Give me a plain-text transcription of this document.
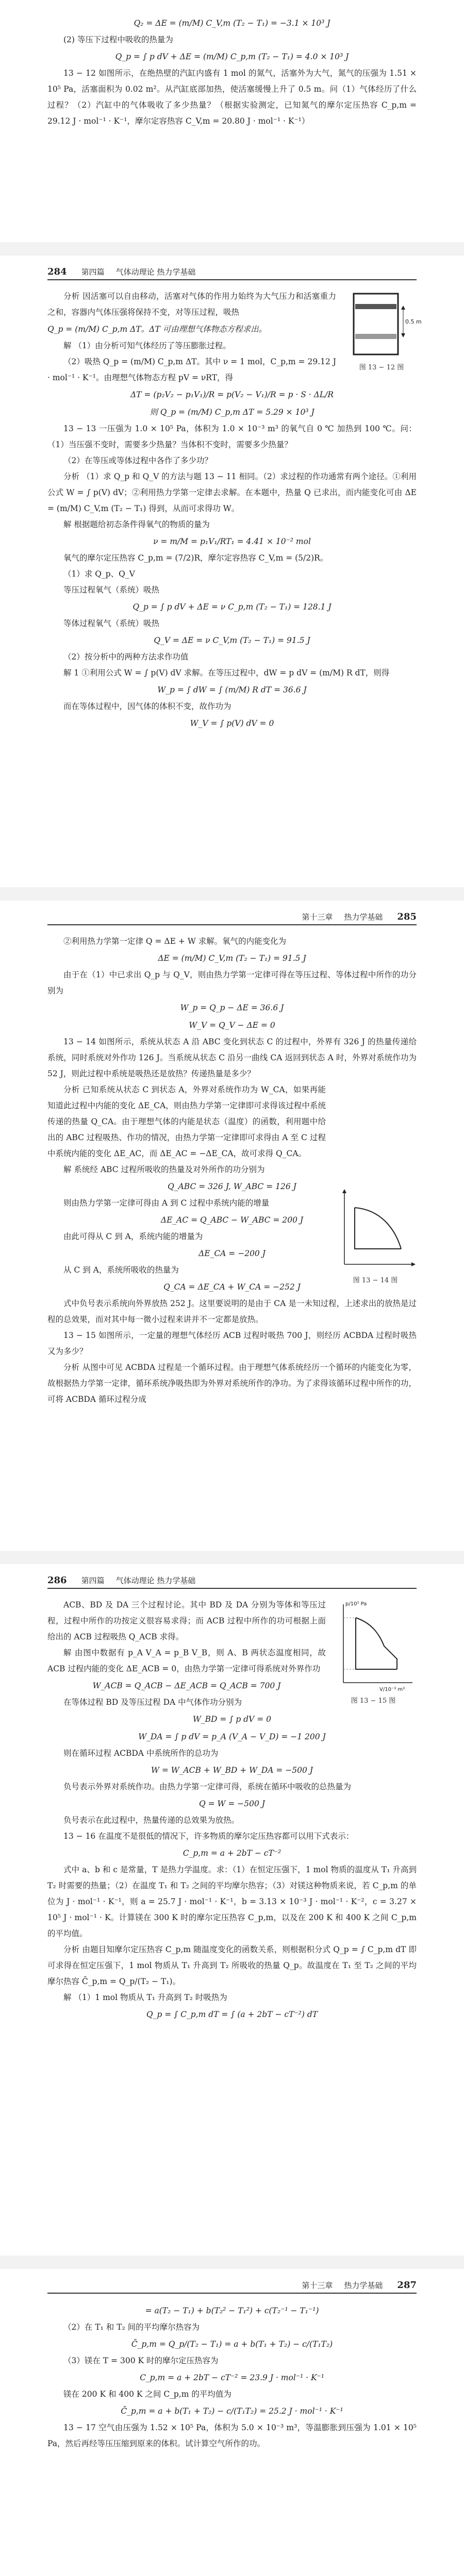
Q₂ = ΔE = (m/M) C_V,m (T₂ − T₁) = −3.1 × 10³ J

(2) 等压下过程中吸收的热量为

Q_p = ∫ p dV + ΔE = (m/M) C_p,m (T₂ − T₁) = 4.0 × 10³ J

13 − 12 如图所示，在绝热壁的汽缸内盛有 1 mol 的氮气，活塞外为大气，氮气的压强为 1.51 × 10⁵ Pa，活塞面积为 0.02 m²。从汽缸底部加热，使活塞缓慢上升了 0.5 m。问（1）气体经历了什么过程？（2）汽缸中的气体吸收了多少热量？（根据实验测定，已知氮气的摩尔定压热容 C_p,m = 29.12 J · mol⁻¹ · K⁻¹，摩尔定容热容 C_V,m = 20.80 J · mol⁻¹ · K⁻¹）

284 第四篇 气体动理论 热力学基础

分析 因活塞可以自由移动，活塞对气体的作用力始终为大气压力和活塞重力之和，容器内气体压强将保持不变，对等压过程，吸热

Q_p = (m/M) C_p,m ΔT。ΔT 可由理想气体物态方程求出。

解 （1）由分析可知气体经历了等压膨胀过程。

（2）吸热 Q_p = (m/M) C_p,m ΔT。其中 ν = 1 mol，C_p,m = 29.12 J · mol⁻¹ · K⁻¹。由理想气体物态方程 pV = νRT，得

ΔT = (p₂V₂ − p₁V₁)/R = p(V₂ − V₁)/R = p · S · ΔL/R

则 Q_p = (m/M) C_p,m ΔT = 5.29 × 10³ J

13 − 13 一压强为 1.0 × 10⁵ Pa，体积为 1.0 × 10⁻³ m³ 的氧气自 0 ℃ 加热到 100 ℃。问：（1）当压强不变时，需要多少热量？当体积不变时，需要多少热量？

（2）在等压或等体过程中各作了多少功？

分析 （1）求 Q_p 和 Q_V 的方法与题 13 − 11 相同。（2）求过程的作功通常有两个途径。①利用公式 W = ∫ p(V) dV；②利用热力学第一定律去求解。在本题中，热量 Q 已求出，而内能变化可由 ΔE = (m/M) C_V,m (T₂ − T₁) 得到，从而可求得功 W。

解 根据题给初态条件得氧气的物质的量为

ν = m/M = p₁V₁/RT₁ = 4.41 × 10⁻² mol

氧气的摩尔定压热容 C_p,m = (7/2)R，摩尔定容热容 C_V,m = (5/2)R。

（1）求 Q_p、Q_V

等压过程氧气（系统）吸热

Q_p = ∫ p dV + ΔE = ν C_p,m (T₂ − T₁) = 128.1 J

等体过程氧气（系统）吸热

Q_V = ΔE = ν C_V,m (T₂ − T₁) = 91.5 J

（2）按分析中的两种方法求作功值

解 1 ①利用公式 W = ∫ p(V) dV 求解。在等压过程中，dW = p dV = (m/M) R dT，则得

W_p = ∫ dW = ∫ (m/M) R dT = 36.6 J

而在等体过程中，因气体的体积不变，故作功为

W_V = ∫ p(V) dV = 0

0.5 m
图 13 − 12 图
第十三章 热力学基础 285

②利用热力学第一定律 Q = ΔE + W 求解。氧气的内能变化为

ΔE = (m/M) C_V,m (T₂ − T₁) = 91.5 J

由于在（1）中已求出 Q_p 与 Q_V，则由热力学第一定律可得在等压过程、等体过程中所作的功分别为

W_p = Q_p − ΔE = 36.6 J

W_V = Q_V − ΔE = 0

13 − 14 如图所示，系统从状态 A 沿 ABC 变化到状态 C 的过程中，外界有 326 J 的热量传递给系统，同时系统对外作功 126 J。当系统从状态 C 沿另一曲线 CA 返回到状态 A 时，外界对系统作功为 52 J，则此过程中系统是吸热还是放热？传递热量是多少？

分析 已知系统从状态 C 到状态 A，外界对系统作功为 W_CA，如果再能知道此过程中内能的变化 ΔE_CA，则由热力学第一定律即可求得该过程中系统传递的热量 Q_CA。由于理想气体的内能是状态（温度）的函数，利用题中给出的 ABC 过程吸热、作功的情况，由热力学第一定律即可求得由 A 至 C 过程中系统内能的变化 ΔE_AC，而 ΔE_AC = −ΔE_CA，故可求得 Q_CA。

解 系统经 ABC 过程所吸收的热量及对外所作的功分别为

Q_ABC = 326 J, W_ABC = 126 J

则由热力学第一定律可得由 A 到 C 过程中系统内能的增量

ΔE_AC = Q_ABC − W_ABC = 200 J

由此可得从 C 到 A，系统内能的增量为

ΔE_CA = −200 J

从 C 到 A，系统所吸收的热量为

Q_CA = ΔE_CA + W_CA = −252 J

式中负号表示系统向外界放热 252 J。这里要说明的是由于 CA 是一未知过程，上述求出的放热是过程的总效果，而对其中每一微小过程来讲并不一定都是放热。

13 − 15 如图所示，一定量的理想气体经历 ACB 过程时吸热 700 J，则经历 ACBDA 过程时吸热又为多少？

分析 从图中可见 ACBDA 过程是一个循环过程。由于理想气体系统经历一个循环的内能变化为零，故根据热力学第一定律，循环系统净吸热即为外界对系统所作的净功。为了求得该循环过程中所作的功，可将 ACBDA 循环过程分成

图 13 − 14 图
286 第四篇 气体动理论 热力学基础

ACB、BD 及 DA 三个过程讨论。其中 BD 及 DA 分别为等体和等压过程，过程中所作的功按定义很容易求得；而 ACB 过程中所作的功可根据上面给出的 ACB 过程吸热 Q_ACB 求得。

解 由图中数据有 p_A V_A = p_B V_B，则 A、B 两状态温度相同，故 ACB 过程内能的变化 ΔE_ACB = 0，由热力学第一定律可得系统对外界作功

W_ACB = Q_ACB − ΔE_ACB = Q_ACB = 700 J

在等体过程 BD 及等压过程 DA 中气体作功分别为

W_BD = ∫ p dV = 0

W_DA = ∫ p dV = p_A (V_A − V_D) = −1 200 J

则在循环过程 ACBDA 中系统所作的总功为

W = W_ACB + W_BD + W_DA = −500 J

负号表示外界对系统作功。由热力学第一定律可得，系统在循环中吸收的总热量为

Q = W = −500 J

负号表示在此过程中，热量传递的总效果为放热。

13 − 16 在温度不是很低的情况下，许多物质的摩尔定压热容都可以用下式表示：

C_p,m = a + 2bT − cT⁻²

式中 a、b 和 c 是常量，T 是热力学温度。求：（1）在恒定压强下，1 mol 物质的温度从 T₁ 升高到 T₂ 时需要的热量；（2）在温度 T₁ 和 T₂ 之间的平均摩尔热容；（3）对镁这种物质来说，若 C_p,m 的单位为 J · mol⁻¹ · K⁻¹，则 a = 25.7 J · mol⁻¹ · K⁻¹，b = 3.13 × 10⁻³ J · mol⁻¹ · K⁻²，c = 3.27 × 10⁵ J · mol⁻¹ · K。计算镁在 300 K 时的摩尔定压热容 C_p,m，以及在 200 K 和 400 K 之间 C_p,m 的平均值。

分析 由题目知摩尔定压热容 C_p,m 随温度变化的函数关系，则根据积分式 Q_p = ∫ C_p,m dT 即可求得在恒定压强下，1 mol 物质从 T₁ 升高到 T₂ 所吸收的热量 Q_p。故温度在 T₁ 至 T₂ 之间的平均摩尔热容 C̄_p,m = Q_p/(T₂ − T₁)。

解 （1）1 mol 物质从 T₁ 升高到 T₂ 时吸热为

Q_p = ∫ C_p,m dT = ∫ (a + 2bT − cT⁻²) dT

p/10⁵ Pa
V/10⁻³ m³
图 13 − 15 图
第十三章 热力学基础 287

= a(T₂ − T₁) + b(T₂² − T₁²) + c(T₂⁻¹ − T₁⁻¹)

（2）在 T₁ 和 T₂ 间的平均摩尔热容为

C̄_p,m = Q_p/(T₂ − T₁) = a + b(T₁ + T₂) − c/(T₁T₂)

（3）镁在 T = 300 K 时的摩尔定压热容为

C_p,m = a + 2bT − cT⁻² = 23.9 J · mol⁻¹ · K⁻¹

镁在 200 K 和 400 K 之间 C_p,m 的平均值为

C̄_p,m = a + b(T₁ + T₂) − c/(T₁T₂) = 25.2 J · mol⁻¹ · K⁻¹

13 − 17 空气由压强为 1.52 × 10⁵ Pa，体积为 5.0 × 10⁻³ m³，等温膨胀到压强为 1.01 × 10⁵ Pa，然后再经等压压缩到原来的体积。试计算空气所作的功。
